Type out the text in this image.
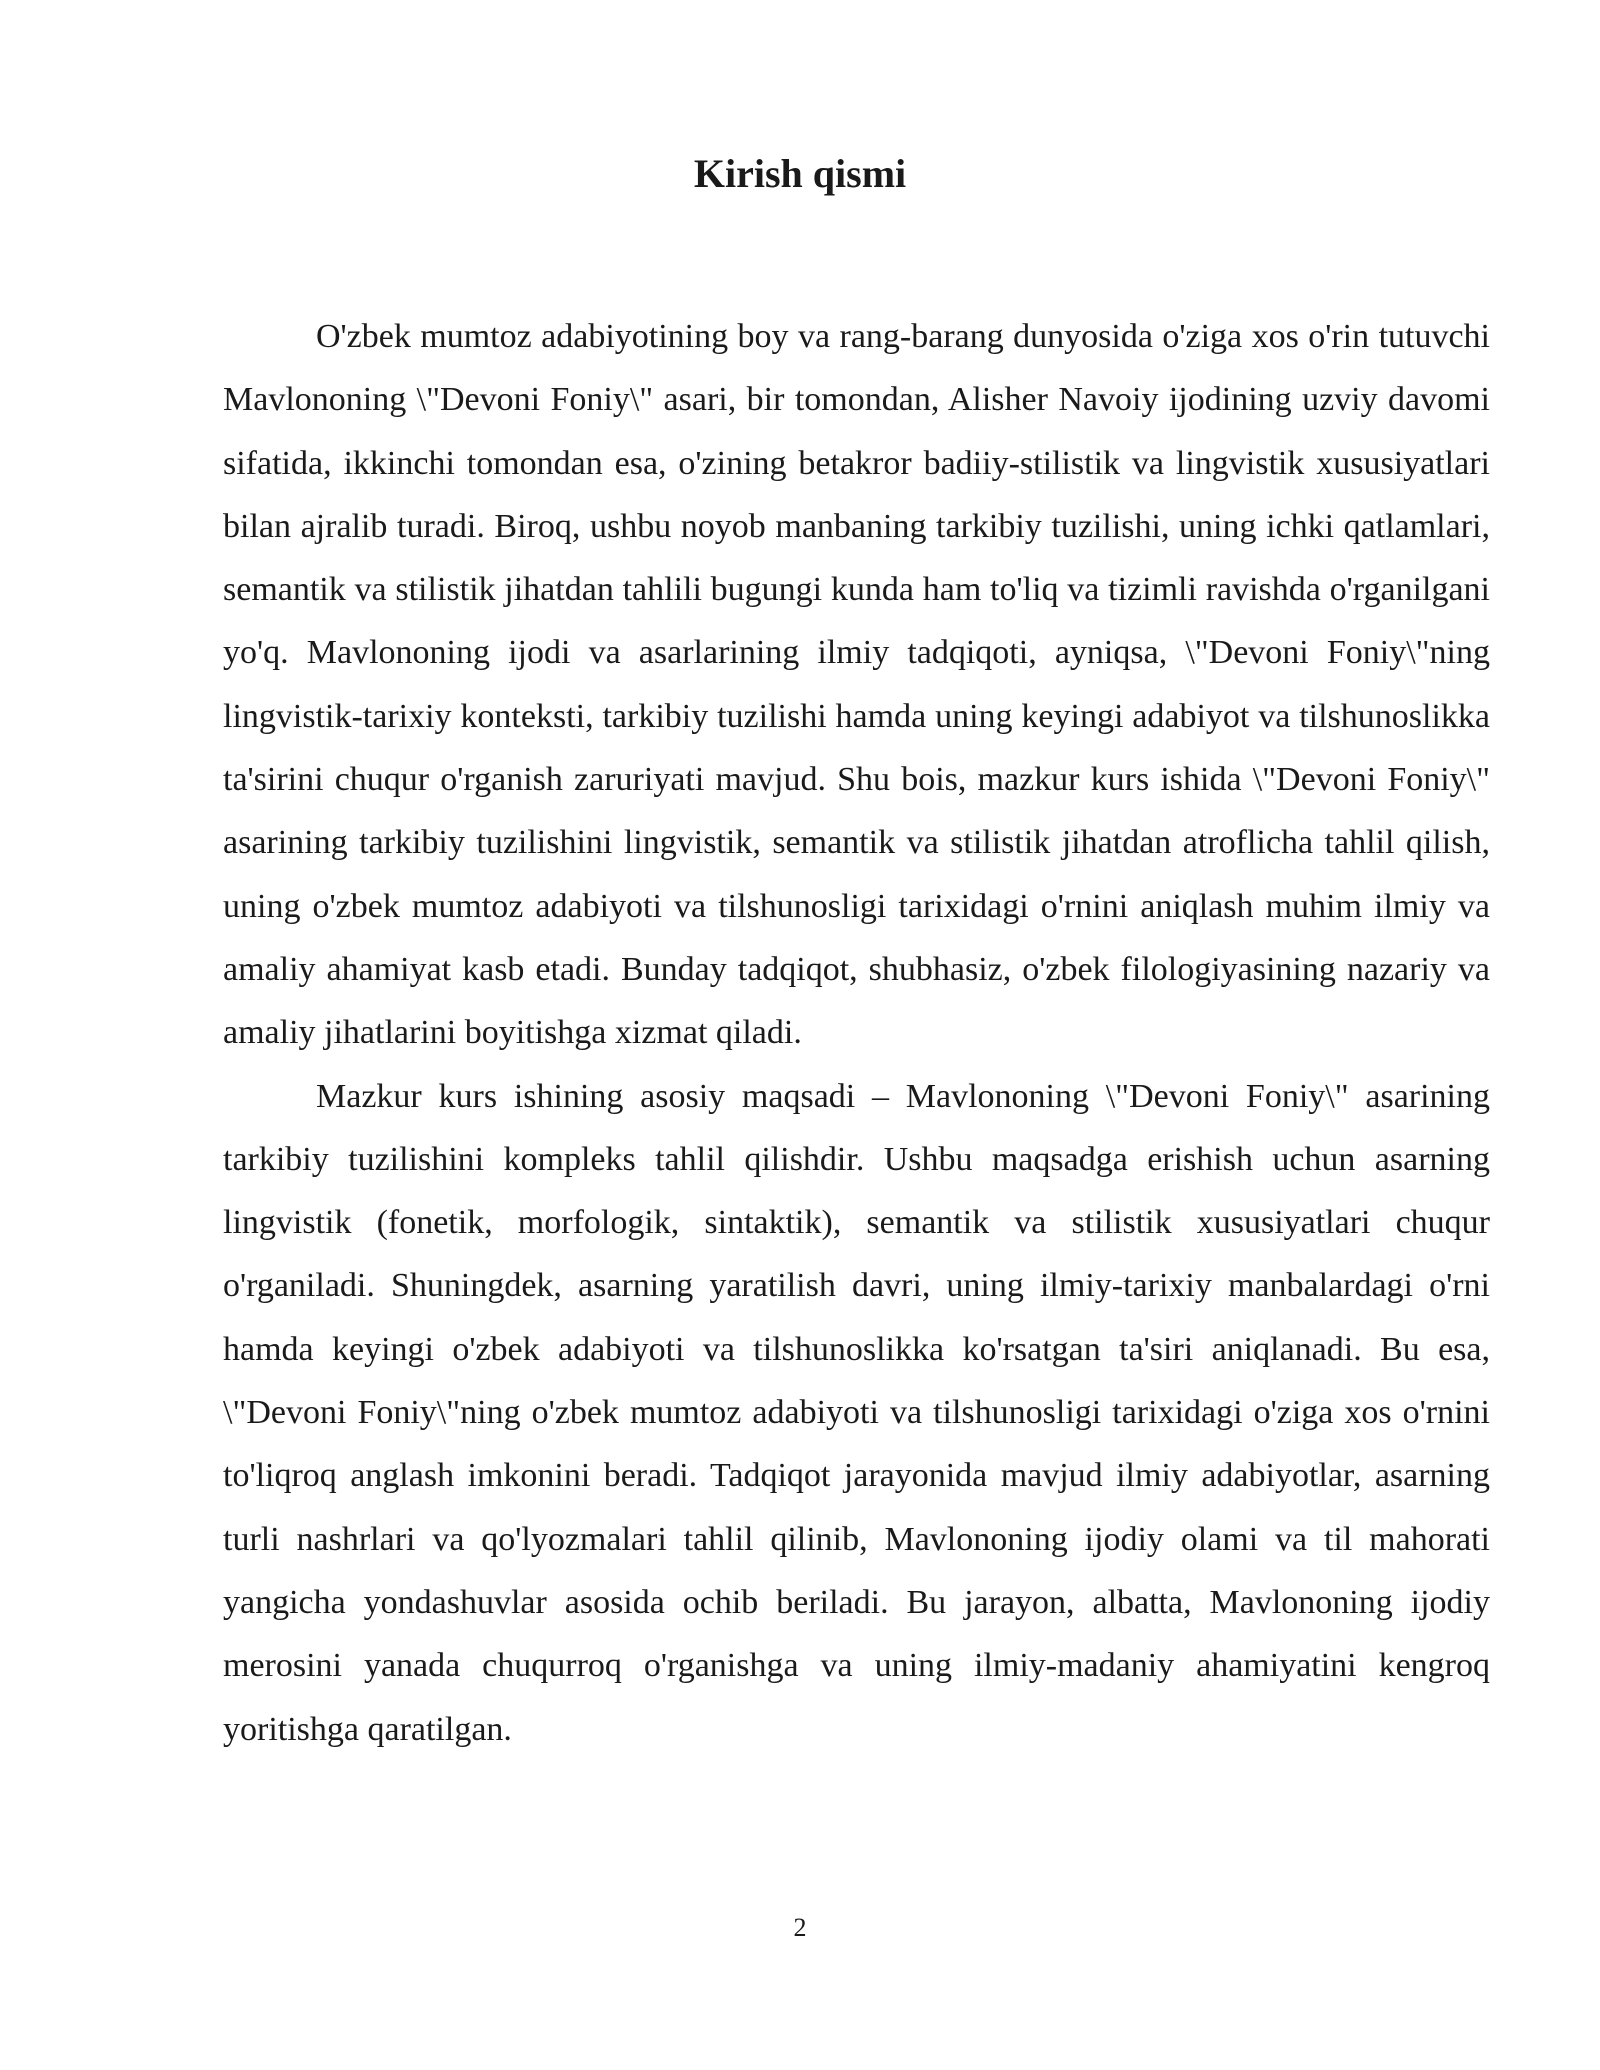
Kirish qismi

O'zbek mumtoz adabiyotining boy va rang-barang dunyosida o'ziga xos o'rin tutuvchi Mavlononing \"Devoni Foniy\" asari, bir tomondan, Alisher Navoiy ijodining uzviy davomi sifatida, ikkinchi tomondan esa, o'zining betakror badiiy-stilistik va lingvistik xususiyatlari bilan ajralib turadi. Biroq, ushbu noyob manbaning tarkibiy tuzilishi, uning ichki qatlamlari, semantik va stilistik jihatdan tahlili bugungi kunda ham to'liq va tizimli ravishda o'rganilgani yo'q. Mavlononing ijodi va asarlarining ilmiy tadqiqoti, ayniqsa, \"Devoni Foniy\"ning lingvistik-tarixiy konteksti, tarkibiy tuzilishi hamda uning keyingi adabiyot va tilshunoslikka ta'sirini chuqur o'rganish zaruriyati mavjud. Shu bois, mazkur kurs ishida \"Devoni Foniy\" asarining tarkibiy tuzilishini lingvistik, semantik va stilistik jihatdan atroflicha tahlil qilish, uning o'zbek mumtoz adabiyoti va tilshunosligi tarixidagi o'rnini aniqlash muhim ilmiy va amaliy ahamiyat kasb etadi. Bunday tadqiqot, shubhasiz, o'zbek filologiyasining nazariy va amaliy jihatlarini boyitishga xizmat qiladi.

Mazkur kurs ishining asosiy maqsadi – Mavlononing \"Devoni Foniy\" asarining tarkibiy tuzilishini kompleks tahlil qilishdir. Ushbu maqsadga erishish uchun asarning lingvistik (fonetik, morfologik, sintaktik), semantik va stilistik xususiyatlari chuqur o'rganiladi. Shuningdek, asarning yaratilish davri, uning ilmiy-tarixiy manbalardagi o'rni hamda keyingi o'zbek adabiyoti va tilshunoslikka ko'rsatgan ta'siri aniqlanadi. Bu esa, \"Devoni Foniy\"ning o'zbek mumtoz adabiyoti va tilshunosligi tarixidagi o'ziga xos o'rnini to'liqroq anglash imkonini beradi. Tadqiqot jarayonida mavjud ilmiy adabiyotlar, asarning turli nashrlari va qo'lyozmalari tahlil qilinib, Mavlononing ijodiy olami va til mahorati yangicha yondashuvlar asosida ochib beriladi. Bu jarayon, albatta, Mavlononing ijodiy merosini yanada chuqurroq o'rganishga va uning ilmiy-madaniy ahamiyatini kengroq yoritishga qaratilgan.

2
